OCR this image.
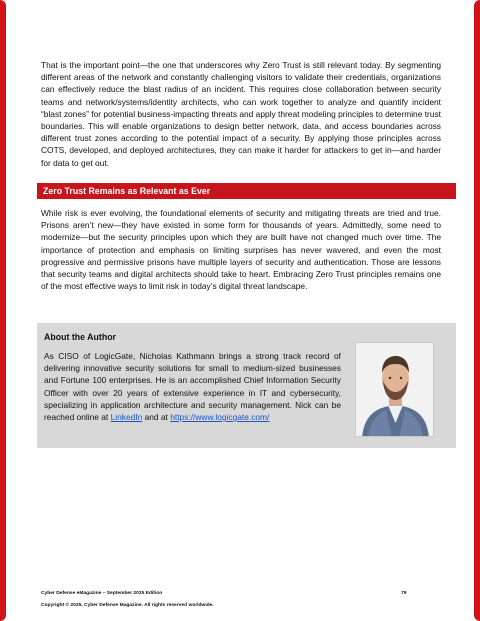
That is the important point—the one that underscores why Zero Trust is still relevant today. By segmenting different areas of the network and constantly challenging visitors to validate their credentials, organizations can effectively reduce the blast radius of an incident. This requires close collaboration between security teams and network/systems/identity architects, who can work together to analyze and quantify incident “blast zones” for potential business-impacting threats and apply threat modeling principles to determine trust boundaries. This will enable organizations to design better network, data, and access boundaries across different trust zones according to the potential impact of a security. By applying those principles across COTS, developed, and deployed architectures, they can make it harder for attackers to get in—and harder for data to get out.

Zero Trust Remains as Relevant as Ever

While risk is ever evolving, the foundational elements of security and mitigating threats are tried and true. Prisons aren’t new—they have existed in some form for thousands of years. Admittedly, some need to modernize—but the security principles upon which they are built have not changed much over time. The importance of protection and emphasis on limiting surprises has never wavered, and even the most progressive and permissive prisons have multiple layers of security and authentication. Those are lessons that security teams and digital architects should take to heart. Embracing Zero Trust principles remains one of the most effective ways to limit risk in today’s digital threat landscape.

About the Author

As CISO of LogicGate, Nicholas Kathmann brings a strong track record of delivering innovative security solutions for small to medium-sized businesses and Fortune 100 enterprises. He is an accomplished Chief Information Security Officer with over 20 years of extensive experience in IT and cybersecurity, specializing in application architecture and security management. Nick can be reached online at LinkedIn and at https://www.logicgate.com/

Cyber Defense eMagazine – September 2025 Edition	79
Copyright © 2025, Cyber Defense Magazine. All rights reserved worldwide.
